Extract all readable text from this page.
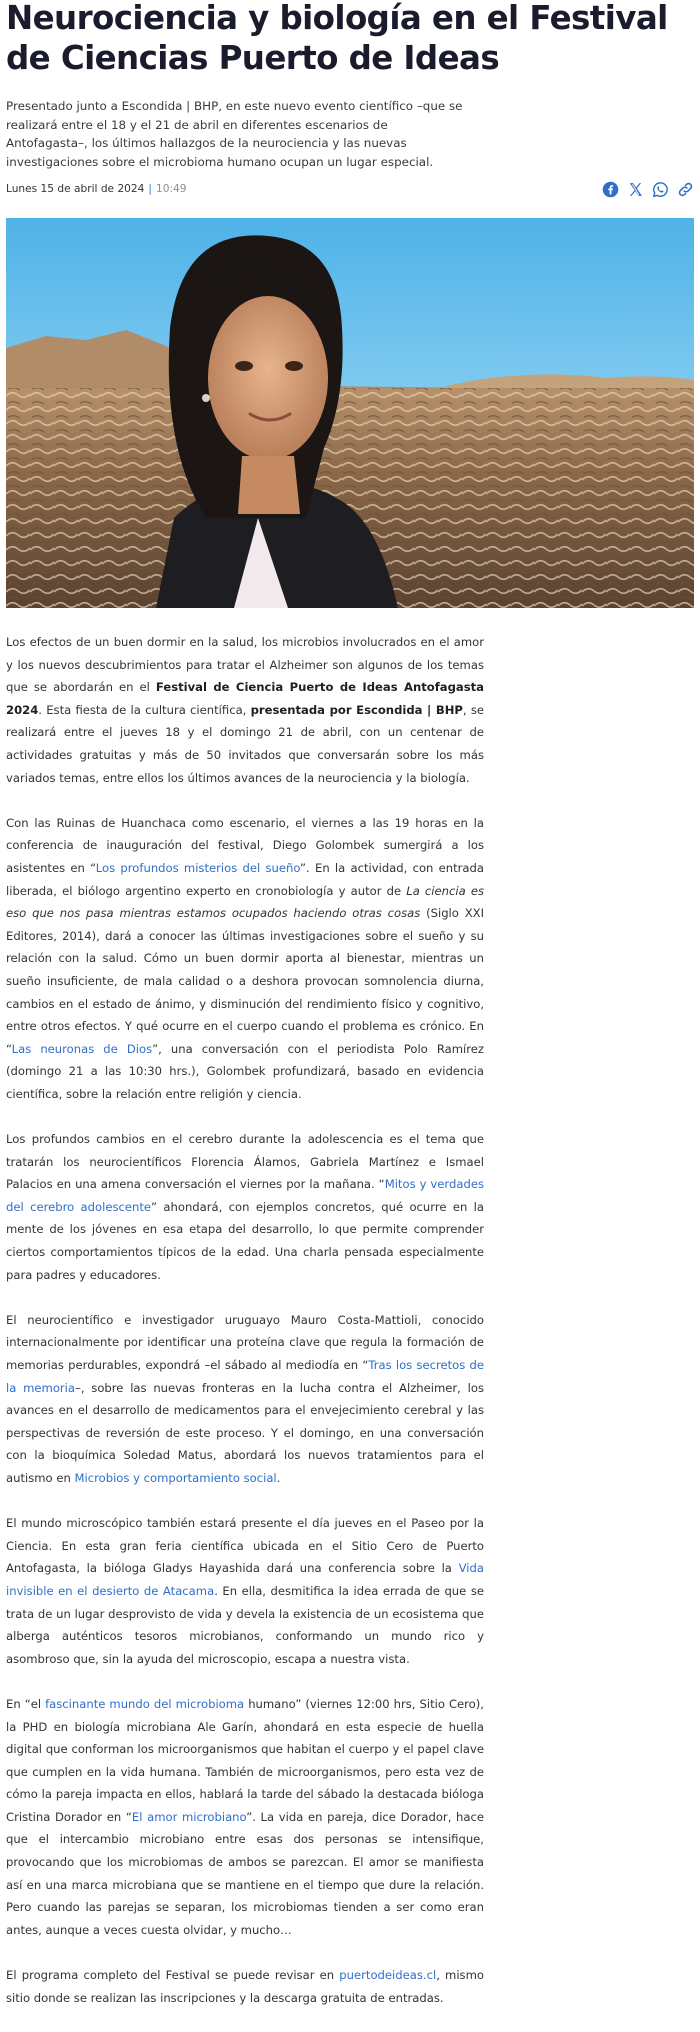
Neurociencia y biología en el Festival de Ciencias Puerto de Ideas

Presentado junto a Escondida | BHP, en este nuevo evento científico –que se realizará entre el 18 y el 21 de abril en diferentes escenarios de Antofagasta–, los últimos hallazgos de la neurociencia y las nuevas investigaciones sobre el microbioma humano ocupan un lugar especial.

Lunes 15 de abril de 2024 | 10:49

Los efectos de un buen dormir en la salud, los microbios involucrados en el amor y los nuevos descubrimientos para tratar el Alzheimer son algunos de los temas que se abordarán en el Festival de Ciencia Puerto de Ideas Antofagasta 2024. Esta fiesta de la cultura científica, presentada por Escondida | BHP, se realizará entre el jueves 18 y el domingo 21 de abril, con un centenar de actividades gratuitas y más de 50 invitados que conversarán sobre los más variados temas, entre ellos los últimos avances de la neurociencia y la biología.

Con las Ruinas de Huanchaca como escenario, el viernes a las 19 horas en la conferencia de inauguración del festival, Diego Golombek sumergirá a los asistentes en “Los profundos misterios del sueño”. En la actividad, con entrada liberada, el biólogo argentino experto en cronobiología y autor de La ciencia es eso que nos pasa mientras estamos ocupados haciendo otras cosas (Siglo XXI Editores, 2014), dará a conocer las últimas investigaciones sobre el sueño y su relación con la salud. Cómo un buen dormir aporta al bienestar, mientras un sueño insuficiente, de mala calidad o a deshora provocan somnolencia diurna, cambios en el estado de ánimo, y disminución del rendimiento físico y cognitivo, entre otros efectos. Y qué ocurre en el cuerpo cuando el problema es crónico. En “Las neuronas de Dios”, una conversación con el periodista Polo Ramírez (domingo 21 a las 10:30 hrs.), Golombek profundizará, basado en evidencia científica, sobre la relación entre religión y ciencia.

Los profundos cambios en el cerebro durante la adolescencia es el tema que tratarán los neurocientíficos Florencia Álamos, Gabriela Martínez e Ismael Palacios en una amena conversación el viernes por la mañana. “Mitos y verdades del cerebro adolescente” ahondará, con ejemplos concretos, qué ocurre en la mente de los jóvenes en esa etapa del desarrollo, lo que permite comprender ciertos comportamientos típicos de la edad. Una charla pensada especialmente para padres y educadores.

El neurocientífico e investigador uruguayo Mauro Costa-Mattioli, conocido internacionalmente por identificar una proteína clave que regula la formación de memorias perdurables, expondrá –el sábado al mediodía en “Tras los secretos de la memoria–, sobre las nuevas fronteras en la lucha contra el Alzheimer, los avances en el desarrollo de medicamentos para el envejecimiento cerebral y las perspectivas de reversión de este proceso. Y el domingo, en una conversación con la bioquímica Soledad Matus, abordará los nuevos tratamientos para el autismo en Microbios y comportamiento social.

El mundo microscópico también estará presente el día jueves en el Paseo por la Ciencia. En esta gran feria científica ubicada en el Sitio Cero de Puerto Antofagasta, la bióloga Gladys Hayashida dará una conferencia sobre la Vida invisible en el desierto de Atacama. En ella, desmitifica la idea errada de que se trata de un lugar desprovisto de vida y devela la existencia de un ecosistema que alberga auténticos tesoros microbianos, conformando un mundo rico y asombroso que, sin la ayuda del microscopio, escapa a nuestra vista.

En “el fascinante mundo del microbioma humano” (viernes 12:00 hrs, Sitio Cero), la PHD en biología microbiana Ale Garín, ahondará en esta especie de huella digital que conforman los microorganismos que habitan el cuerpo y el papel clave que cumplen en la vida humana. También de microorganismos, pero esta vez de cómo la pareja impacta en ellos, hablará la tarde del sábado la destacada bióloga Cristina Dorador en “El amor microbiano”. La vida en pareja, dice Dorador, hace que el intercambio microbiano entre esas dos personas se intensifique, provocando que los microbiomas de ambos se parezcan. El amor se manifiesta así en una marca microbiana que se mantiene en el tiempo que dure la relación. Pero cuando las parejas se separan, los microbiomas tienden a ser como eran antes, aunque a veces cuesta olvidar, y mucho…

El programa completo del Festival se puede revisar en puertodeideas.cl, mismo sitio donde se realizan las inscripciones y la descarga gratuita de entradas.
